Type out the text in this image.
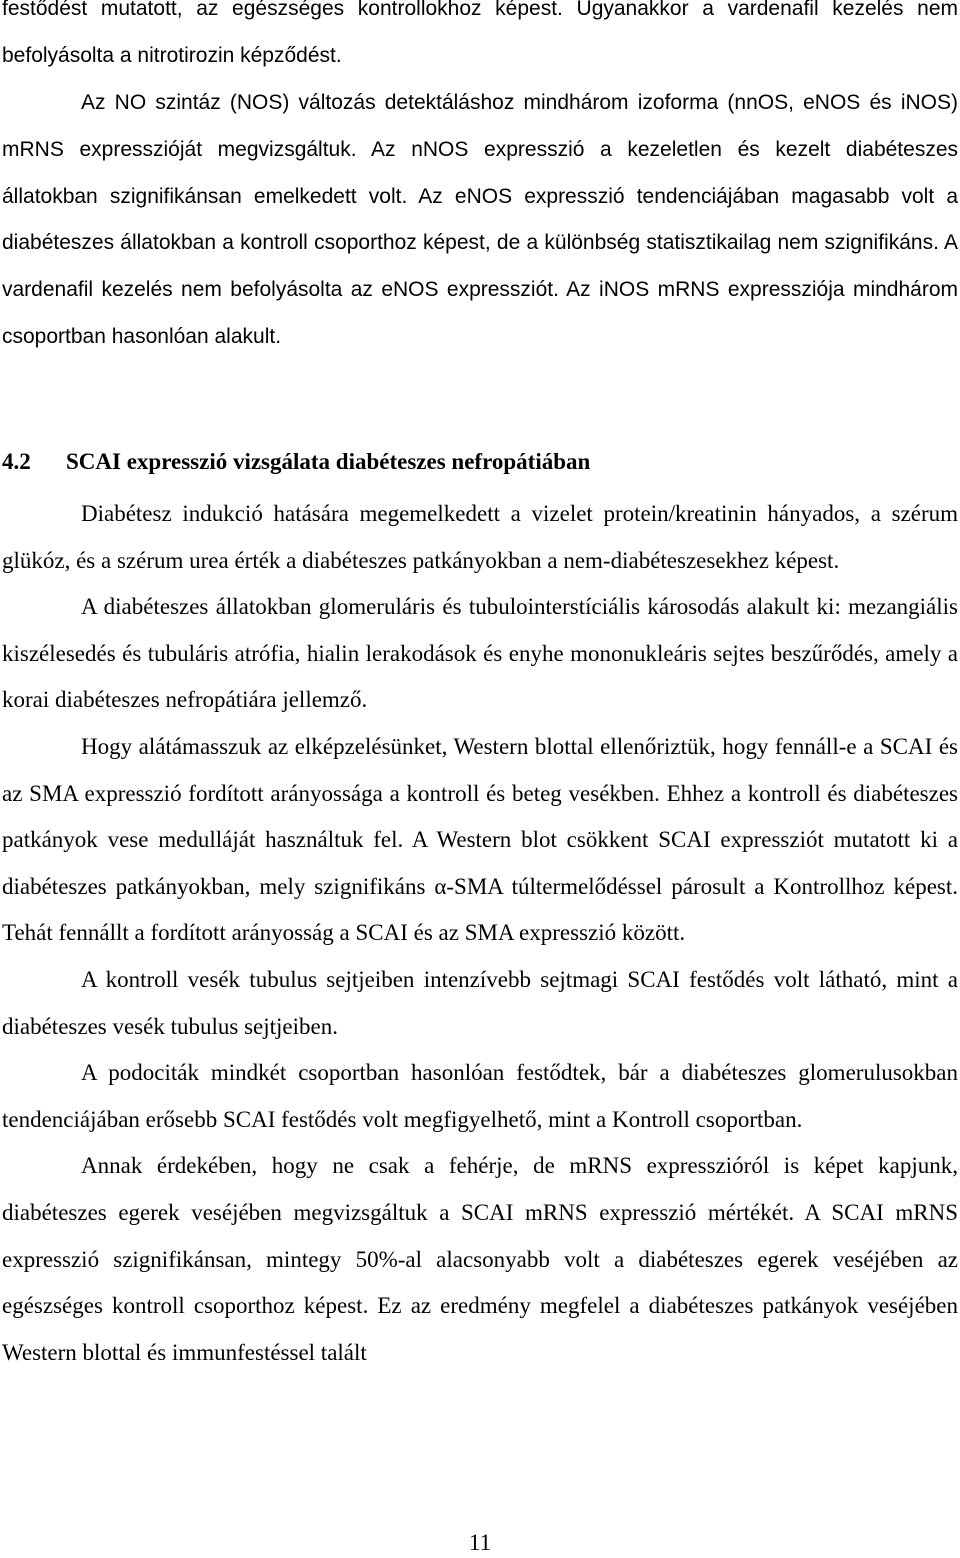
festődést mutatott, az egészséges kontrollokhoz képest. Ugyanakkor a vardenafil kezelés nem befolyásolta a nitrotirozin képződést.

Az NO szintáz (NOS) változás detektáláshoz mindhárom izoforma (nnOS, eNOS és iNOS) mRNS expresszióját megvizsgáltuk. Az nNOS expresszió a kezeletlen és kezelt diabéteszes állatokban szignifikánsan emelkedett volt. Az eNOS expresszió tendenciájában magasabb volt a diabéteszes állatokban a kontroll csoporthoz képest, de a különbség statisztikailag nem szignifikáns. A vardenafil kezelés nem befolyásolta az eNOS expressziót. Az iNOS mRNS expressziója mindhárom csoportban hasonlóan alakult.

4.2 SCAI expresszió vizsgálata diabéteszes nefropátiában

Diabétesz indukció hatására megemelkedett a vizelet protein/kreatinin hányados, a szérum glükóz, és a szérum urea érték a diabéteszes patkányokban a nem-diabéteszesekhez képest.

A diabéteszes állatokban glomeruláris és tubulointerstíciális károsodás alakult ki: mezangiális kiszélesedés és tubuláris atrófia, hialin lerakodások és enyhe mononukleáris sejtes beszűrődés, amely a korai diabéteszes nefropátiára jellemző.

Hogy alátámasszuk az elképzelésünket, Western blottal ellenőriztük, hogy fennáll-e a SCAI és az SMA expresszió fordított arányossága a kontroll és beteg vesékben. Ehhez a kontroll és diabéteszes patkányok vese medulláját használtuk fel. A Western blot csökkent SCAI expressziót mutatott ki a diabéteszes patkányokban, mely szignifikáns α-SMA túltermelődéssel párosult a Kontrollhoz képest. Tehát fennállt a fordított arányosság a SCAI és az SMA expresszió között.

A kontroll vesék tubulus sejtjeiben intenzívebb sejtmagi SCAI festődés volt látható, mint a diabéteszes vesék tubulus sejtjeiben.

A podociták mindkét csoportban hasonlóan festődtek, bár a diabéteszes glomerulusokban tendenciájában erősebb SCAI festődés volt megfigyelhető, mint a Kontroll csoportban.

Annak érdekében, hogy ne csak a fehérje, de mRNS expresszióról is képet kapjunk, diabéteszes egerek veséjében megvizsgáltuk a SCAI mRNS expresszió mértékét. A SCAI mRNS expresszió szignifikánsan, mintegy 50%-al alacsonyabb volt a diabéteszes egerek veséjében az egészséges kontroll csoporthoz képest. Ez az eredmény megfelel a diabéteszes patkányok veséjében Western blottal és immunfestéssel talált

11
